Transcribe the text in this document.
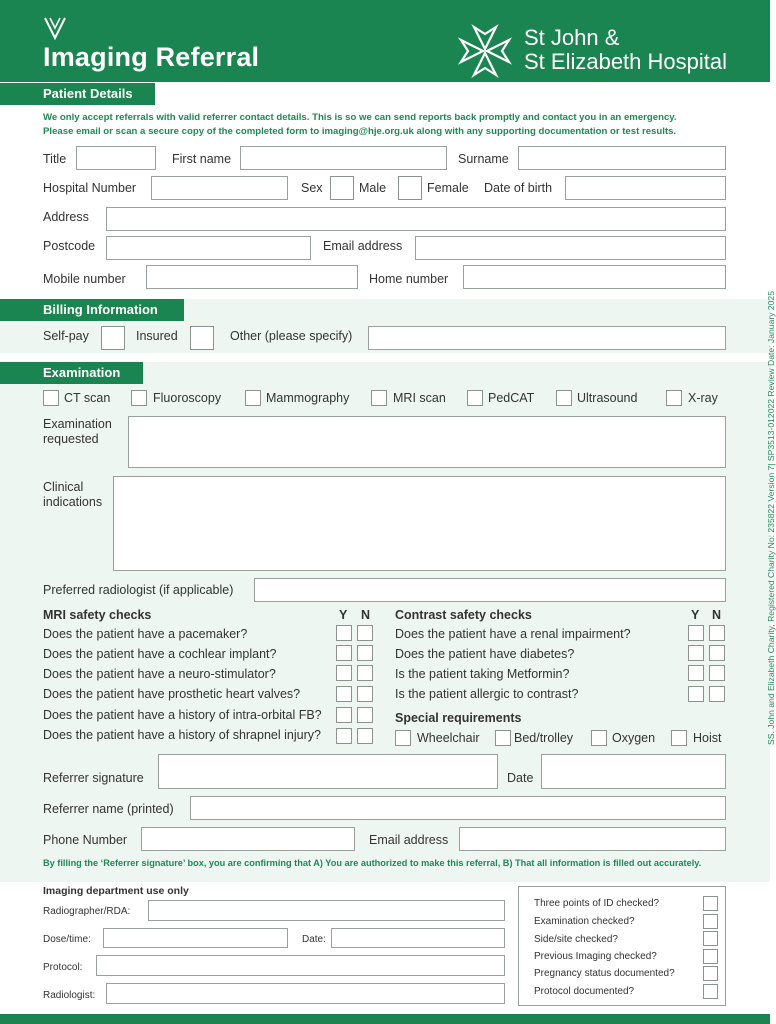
Imaging Referral
St John &
St Elizabeth Hospital
Patient Details
We only accept referrals with valid referrer contact details. This is so we can send reports back promptly and contact you in an emergency.
Please email or scan a secure copy of the completed form to imaging@hje.org.uk along with any supporting documentation or test results.
Title	First name	Surname
Hospital Number	Sex	Male	Female Date of birth
Address
Postcode	Email address
Mobile number	Home number
Billing Information
Self-pay	Insured	Other (please specify)
Examination
CT scan	Fluoroscopy	Mammography	MRI scan	PedCAT	Ultrasound	X-ray
Examination
requested
Clinical
indications
Preferred radiologist (if applicable)
MRI safety checks	Y N
Does the patient have a pacemaker?
Does the patient have a cochlear implant?
Does the patient have a neuro-stimulator?
Does the patient have prosthetic heart valves?
Does the patient have a history of intra-orbital FB?
Does the patient have a history of shrapnel injury?
Contrast safety checks	Y N
Does the patient have a renal impairment?
Does the patient have diabetes?
Is the patient taking Metformin?
Is the patient allergic to contrast?
Special requirements
Wheelchair	Bed/trolley	Oxygen	Hoist
Referrer signature	Date
Referrer name (printed)
Phone Number	Email address
By filling the ‘Referrer signature’ box, you are confirming that A) You are authorized to make this referral, B) That all information is filled out accurately.
Imaging department use only
Radiographer/RDA:
Dose/time:	Date:
Protocol:
Radiologist:
Three points of ID checked?
Examination checked?
Side/site checked?
Previous Imaging checked?
Pregnancy status documented?
Protocol documented?
SS. John and Elizabeth Charity, Registered Charity No: 235822 Version 7| SP3513-012022 Review Date: January 2025
